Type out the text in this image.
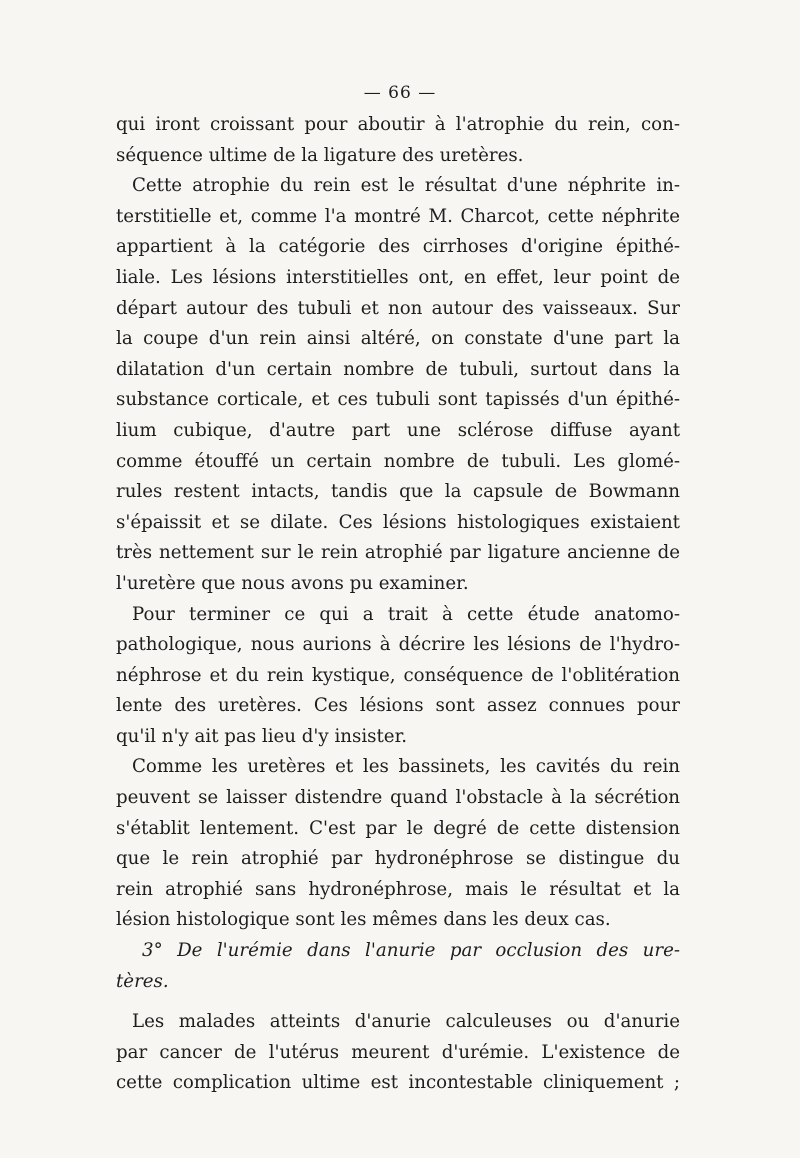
— 66 —
qui iront croissant pour aboutir à l'atrophie du rein, con-
séquence ultime de la ligature des uretères.
Cette atrophie du rein est le résultat d'une néphrite in-
terstitielle et, comme l'a montré M. Charcot, cette néphrite
appartient à la catégorie des cirrhoses d'origine épithé-
liale. Les lésions interstitielles ont, en effet, leur point de
départ autour des tubuli et non autour des vaisseaux. Sur
la coupe d'un rein ainsi altéré, on constate d'une part la
dilatation d'un certain nombre de tubuli, surtout dans la
substance corticale, et ces tubuli sont tapissés d'un épithé-
lium cubique, d'autre part une sclérose diffuse ayant
comme étouffé un certain nombre de tubuli. Les glomé-
rules restent intacts, tandis que la capsule de Bowmann
s'épaissit et se dilate. Ces lésions histologiques existaient
très nettement sur le rein atrophié par ligature ancienne de
l'uretère que nous avons pu examiner.
Pour terminer ce qui a trait à cette étude anatomo-
pathologique, nous aurions à décrire les lésions de l'hydro-
néphrose et du rein kystique, conséquence de l'oblitération
lente des uretères. Ces lésions sont assez connues pour
qu'il n'y ait pas lieu d'y insister.
Comme les uretères et les bassinets, les cavités du rein
peuvent se laisser distendre quand l'obstacle à la sécrétion
s'établit lentement. C'est par le degré de cette distension
que le rein atrophié par hydronéphrose se distingue du
rein atrophié sans hydronéphrose, mais le résultat et la
lésion histologique sont les mêmes dans les deux cas.
3° De l'urémie dans l'anurie par occlusion des ure-
tères.
Les malades atteints d'anurie calculeuses ou d'anurie
par cancer de l'utérus meurent d'urémie. L'existence de
cette complication ultime est incontestable cliniquement ;
